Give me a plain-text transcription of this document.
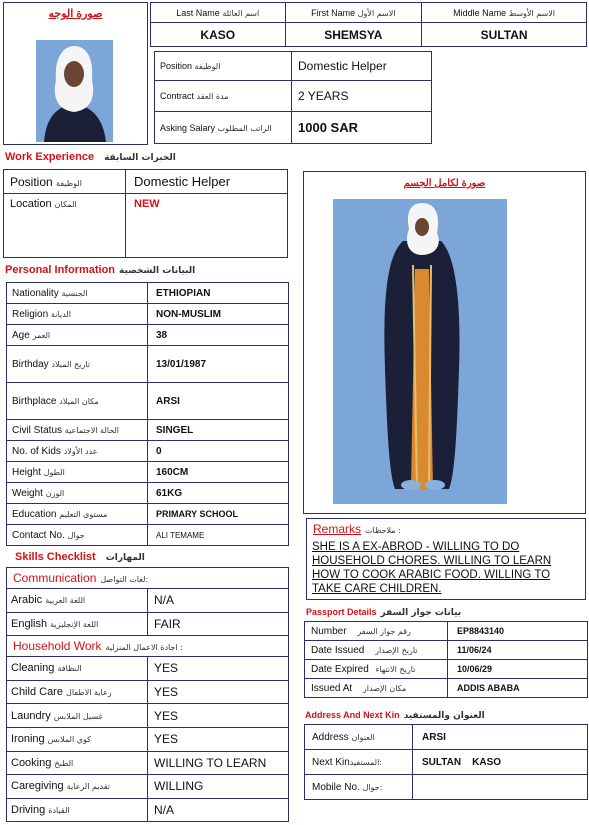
صورة الوجه	Last Name اسم العائلة	First Name الاسم الأول	Middle Name الاسم الأوسط
KASO	SHEMSYA	SULTAN
Position الوظيفة	Domestic Helper
Contract مدة العقد	2 YEARS
Asking Salary الراتب المطلوب	1000 SAR
Work Experience الخبرات السابقة
Position الوظيفة	Domestic Helper
Location المكان	NEW
Personal Information البيانات الشخصية
Nationality الجنسية	ETHIOPIAN
Religion الديانة	NON-MUSLIM
Age العمر	38
Birthday تاريخ الميلاد	13/01/1987
Birthplace مكان الميلاد	ARSI
Civil Status الحالة الاجتماعية	SINGEL
No. of Kids عدد الأولاد	0
Height الطول	160CM
Weight الوزن	61KG
Education مستوى التعليم	PRIMARY SCHOOL
Contact No. جوال	ALI TEMAME
Skills Checklist المهارات
Communication لغات التواصل:	
Arabic اللغة العربية	N/A
English اللغة الإنجليزية	FAIR
Household Work اجادة الاعمال المنزلية :	
Cleaning النظافة	YES
Child Care رعاية الاطفال	YES
Laundry غسيل الملابس	YES
Ironing كوي الملابس	YES
Cooking الطبخ	WILLING TO LEARN
Caregiving تقديم الرعاية	WILLING
Driving القيادة	N/A
صورة لكامل الجسم
Remarks ملاحظات :
SHE IS A EX-ABROD - WILLING TO DO HOUSEHOLD CHORES. WILLING TO LEARN HOW TO COOK ARABIC FOOD. WILLING TO TAKE CARE CHILDREN.
Passport Details بيانات جواز السفر
Number رقم جواز السفر	EP8843140
Date Issued تاريخ الإصدار	11/06/24
Date Expired تاريخ الانتهاء	10/06/29
Issued At مكان الإصدار	ADDIS ABABA
Address And Next Kin العنوان والمستفيد
Address العنوان	ARSI
Next Kinالمستفيد:	SULTAN    KASO
Mobile No. جوال:	
